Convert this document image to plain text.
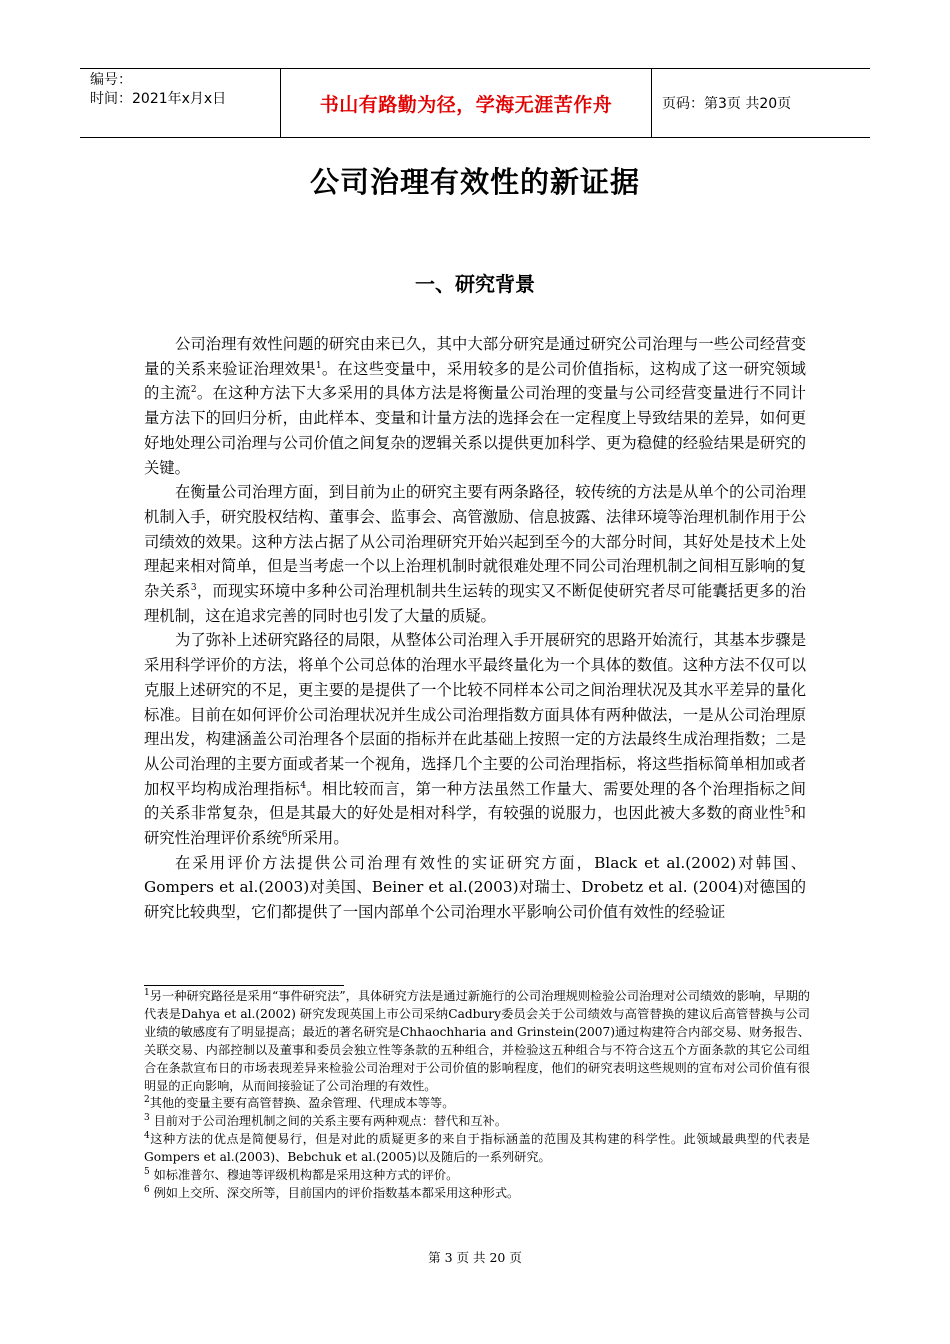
编号：
时间：2021年x月x日	书山有路勤为径，学海无涯苦作舟	页码：第3页 共20页
公司治理有效性的新证据
一、研究背景

公司治理有效性问题的研究由来已久，其中大部分研究是通过研究公司治理与一些公司经营变量的关系来验证治理效果$^1$。在这些变量中，采用较多的是公司价值指标，这构成了这一研究领域的主流$^2$。在这种方法下大多采用的具体方法是将衡量公司治理的变量与公司经营变量进行不同计量方法下的回归分析，由此样本、变量和计量方法的选择会在一定程度上导致结果的差异，如何更好地处理公司治理与公司价值之间复杂的逻辑关系以提供更加科学、更为稳健的经验结果是研究的关键。

在衡量公司治理方面，到目前为止的研究主要有两条路径，较传统的方法是从单个的公司治理机制入手，研究股权结构、董事会、监事会、高管激励、信息披露、法律环境等治理机制作用于公司绩效的效果。这种方法占据了从公司治理研究开始兴起到至今的大部分时间，其好处是技术上处理起来相对简单，但是当考虑一个以上治理机制时就很难处理不同公司治理机制之间相互影响的复杂关系$^3$，而现实环境中多种公司治理机制共生运转的现实又不断促使研究者尽可能囊括更多的治理机制，这在追求完善的同时也引发了大量的质疑。

为了弥补上述研究路径的局限，从整体公司治理入手开展研究的思路开始流行，其基本步骤是采用科学评价的方法，将单个公司总体的治理水平最终量化为一个具体的数值。这种方法不仅可以克服上述研究的不足，更主要的是提供了一个比较不同样本公司之间治理状况及其水平差异的量化标准。目前在如何评价公司治理状况并生成公司治理指数方面具体有两种做法，一是从公司治理原理出发，构建涵盖公司治理各个层面的指标并在此基础上按照一定的方法最终生成治理指数；二是从公司治理的主要方面或者某一个视角，选择几个主要的公司治理指标，将这些指标简单相加或者加权平均构成治理指标$^4$。相比较而言，第一种方法虽然工作量大、需要处理的各个治理指标之间的关系非常复杂，但是其最大的好处是相对科学，有较强的说服力，也因此被大多数的商业性$^5$和研究性治理评价系统$^6$所采用。

在采用评价方法提供公司治理有效性的实证研究方面，Black et al.(2002)对韩国、Gompers et al.(2003)对美国、Beiner et al.(2003)对瑞士、Drobetz et al. (2004)对德国的研究比较典型，它们都提供了一国内部单个公司治理水平影响公司价值有效性的经验证

$^1$另一种研究路径是采用“事件研究法”，具体研究方法是通过新施行的公司治理规则检验公司治理对公司绩效的影响，早期的代表是Dahya et al.(2002) 研究发现英国上市公司采纳Cadbury委员会关于公司绩效与高管替换的建议后高管替换与公司业绩的敏感度有了明显提高；最近的著名研究是Chhaochharia and Grinstein(2007)通过构建符合内部交易、财务报告、关联交易、内部控制以及董事和委员会独立性等条款的五种组合，并检验这五种组合与不符合这五个方面条款的其它公司组合在条款宣布日的市场表现差异来检验公司治理对于公司价值的影响程度，他们的研究表明这些规则的宣布对公司价值有很明显的正向影响，从而间接验证了公司治理的有效性。

$^2$其他的变量主要有高管替换、盈余管理、代理成本等等。

$^3$ 目前对于公司治理机制之间的关系主要有两种观点：替代和互补。

$^4$这种方法的优点是简便易行，但是对此的质疑更多的来自于指标涵盖的范围及其构建的科学性。此领域最典型的代表是Gompers et al.(2003)、Bebchuk et al.(2005)以及随后的一系列研究。

$^5$ 如标准普尔、穆迪等评级机构都是采用这种方式的评价。

$^6$ 例如上交所、深交所等，目前国内的评价指数基本都采用这种形式。

第 3 页 共 20 页
